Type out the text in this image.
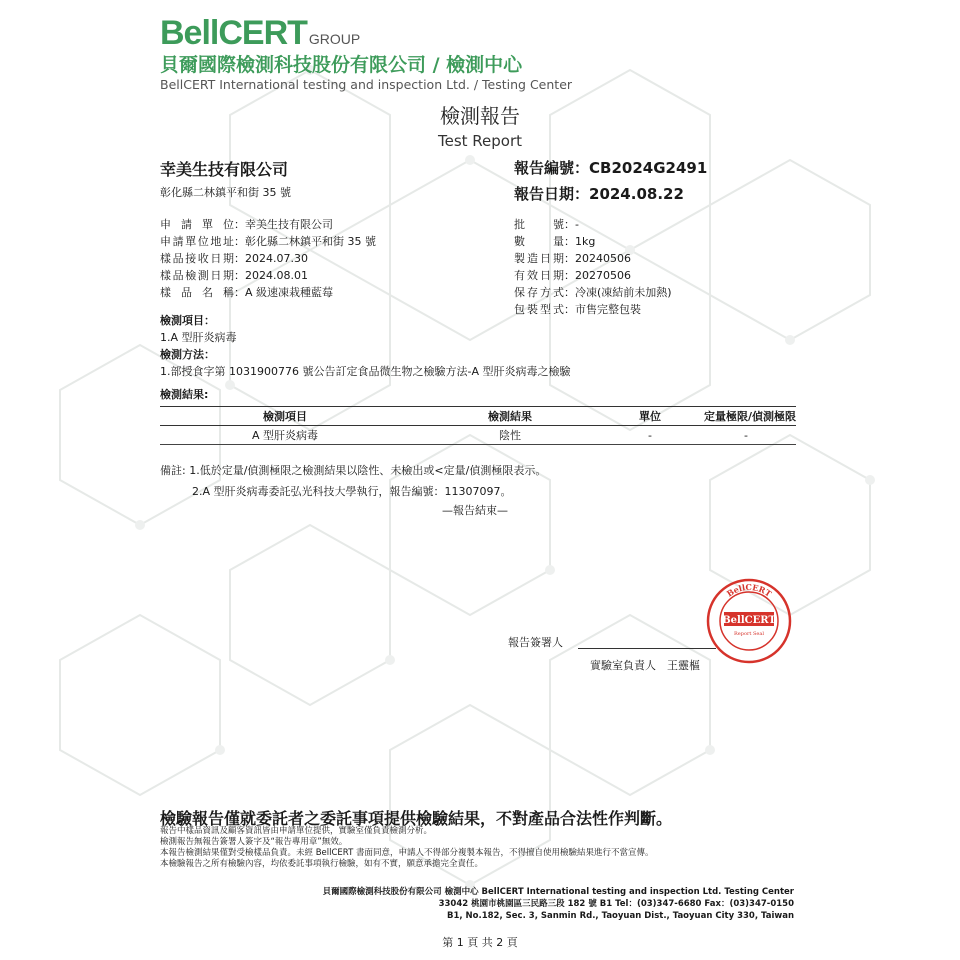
BellCERT GROUP
貝爾國際檢測科技股份有限公司 / 檢測中心
BellCERT International testing and inspection Ltd. / Testing Center
檢測報告
Test Report
幸美生技有限公司
彰化縣二林鎮平和街 35 號
報告編號：CB2024G2491
報告日期：2024.08.22
申請單位：幸美生技有限公司
申請單位地址：彰化縣二林鎮平和街 35 號
樣品接收日期：2024.07.30
樣品檢測日期：2024.08.01
樣品名稱：A 級速凍栽種藍莓
批號：-
數量：1kg
製造日期：20240506
有效日期：20270506
保存方式：冷凍(凍結前未加熱)
包裝型式：市售完整包裝
檢測項目：
1.A 型肝炎病毒
檢測方法：
1.部授食字第 1031900776 號公告訂定食品微生物之檢驗方法-A 型肝炎病毒之檢驗
檢測結果:
檢測項目	檢測結果	單位	定量極限/偵測極限
A 型肝炎病毒	陰性	-	-
備註: 1.低於定量/偵測極限之檢測結果以陰性、未檢出或<定量/偵測極限表示。
2.A 型肝炎病毒委託弘光科技大學執行，報告編號：11307097。
—報告結束—
報告簽署人
實驗室負責人　王靈樞
BellCERT
BellCERT
Report Seal
檢驗報告僅就委託者之委託事項提供檢驗結果，不對產品合法性作判斷。
報告中樣品資訊及顧客資訊皆由申請單位提供，實驗室僅負責檢測分析。
檢測報告無報告簽署人簽字及“報告專用章”無效。
本報告檢測結果僅對受檢樣品負責。未經 BellCERT 書面同意，申請人不得部分複製本報告，不得擅自使用檢驗結果進行不當宣傳。
本檢驗報告之所有檢驗內容，均依委託事項執行檢驗，如有不實，願意承擔完全責任。
貝爾國際檢測科技股份有限公司 檢測中心 BellCERT International testing and inspection Ltd. Testing Center
33042 桃園市桃園區三民路三段 182 號 B1 Tel：(03)347-6680 Fax：(03)347-0150
B1, No.182, Sec. 3, Sanmin Rd., Taoyuan Dist., Taoyuan City 330, Taiwan
第 1 頁 共 2 頁
